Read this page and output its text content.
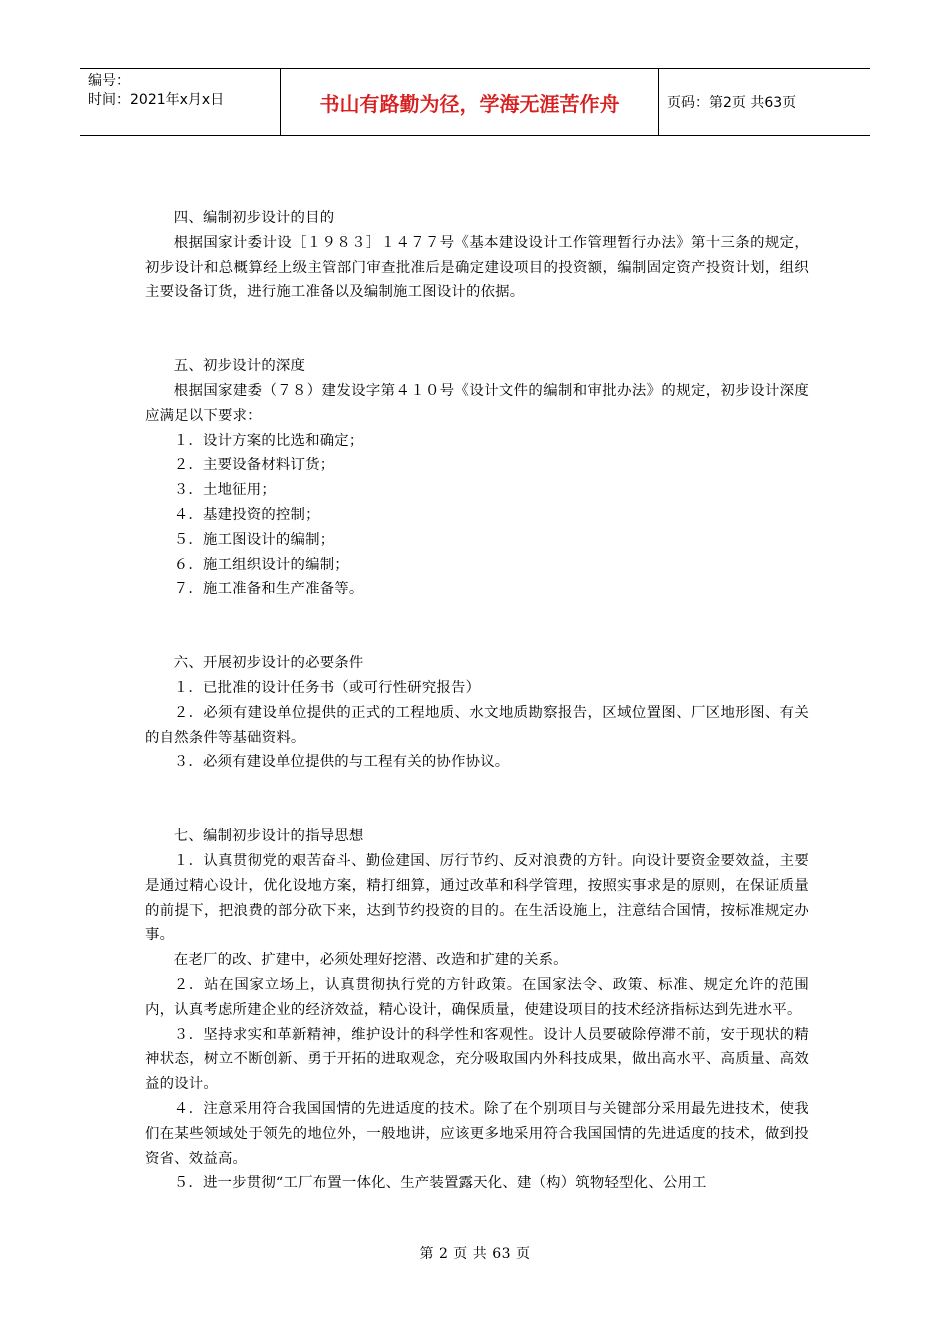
编号：
时间：2021年x月x日	书山有路勤为径，学海无涯苦作舟	页码：第2页 共63页

四、编制初步设计的目的

根据国家计委计设［１９８３］１４７７号《基本建设设计工作管理暂行办法》第十三条的规定，初步设计和总概算经上级主管部门审查批准后是确定建设项目的投资额，编制固定资产投资计划，组织主要设备订货，进行施工准备以及编制施工图设计的依据。

五、初步设计的深度

根据国家建委（７８）建发设字第４１０号《设计文件的编制和审批办法》的规定，初步设计深度应满足以下要求：

１．设计方案的比选和确定；

２．主要设备材料订货；

３．土地征用；

４．基建投资的控制；

５．施工图设计的编制；

６．施工组织设计的编制；

７．施工准备和生产准备等。

六、开展初步设计的必要条件

１．已批准的设计任务书（或可行性研究报告）

２．必须有建设单位提供的正式的工程地质、水文地质勘察报告，区域位置图、厂区地形图、有关的自然条件等基础资料。

３．必须有建设单位提供的与工程有关的协作协议。

七、编制初步设计的指导思想

１．认真贯彻党的艰苦奋斗、勤俭建国、厉行节约、反对浪费的方针。向设计要资金要效益，主要是通过精心设计，优化设地方案，精打细算，通过改革和科学管理，按照实事求是的原则，在保证质量的前提下，把浪费的部分砍下来，达到节约投资的目的。在生活设施上，注意结合国情，按标准规定办事。

在老厂的改、扩建中，必须处理好挖潜、改造和扩建的关系。

２．站在国家立场上，认真贯彻执行党的方针政策。在国家法令、政策、标准、规定允许的范围内，认真考虑所建企业的经济效益，精心设计，确保质量，使建设项目的技术经济指标达到先进水平。

３．坚持求实和革新精神，维护设计的科学性和客观性。设计人员要破除停滞不前，安于现状的精神状态，树立不断创新、勇于开拓的进取观念，充分吸取国内外科技成果，做出高水平、高质量、高效益的设计。

４．注意采用符合我国国情的先进适度的技术。除了在个别项目与关键部分采用最先进技术，使我们在某些领域处于领先的地位外，一般地讲，应该更多地采用符合我国国情的先进适度的技术，做到投资省、效益高。

５．进一步贯彻“工厂布置一体化、生产装置露天化、建（构）筑物轻型化、公用工

第 2 页 共 63 页
